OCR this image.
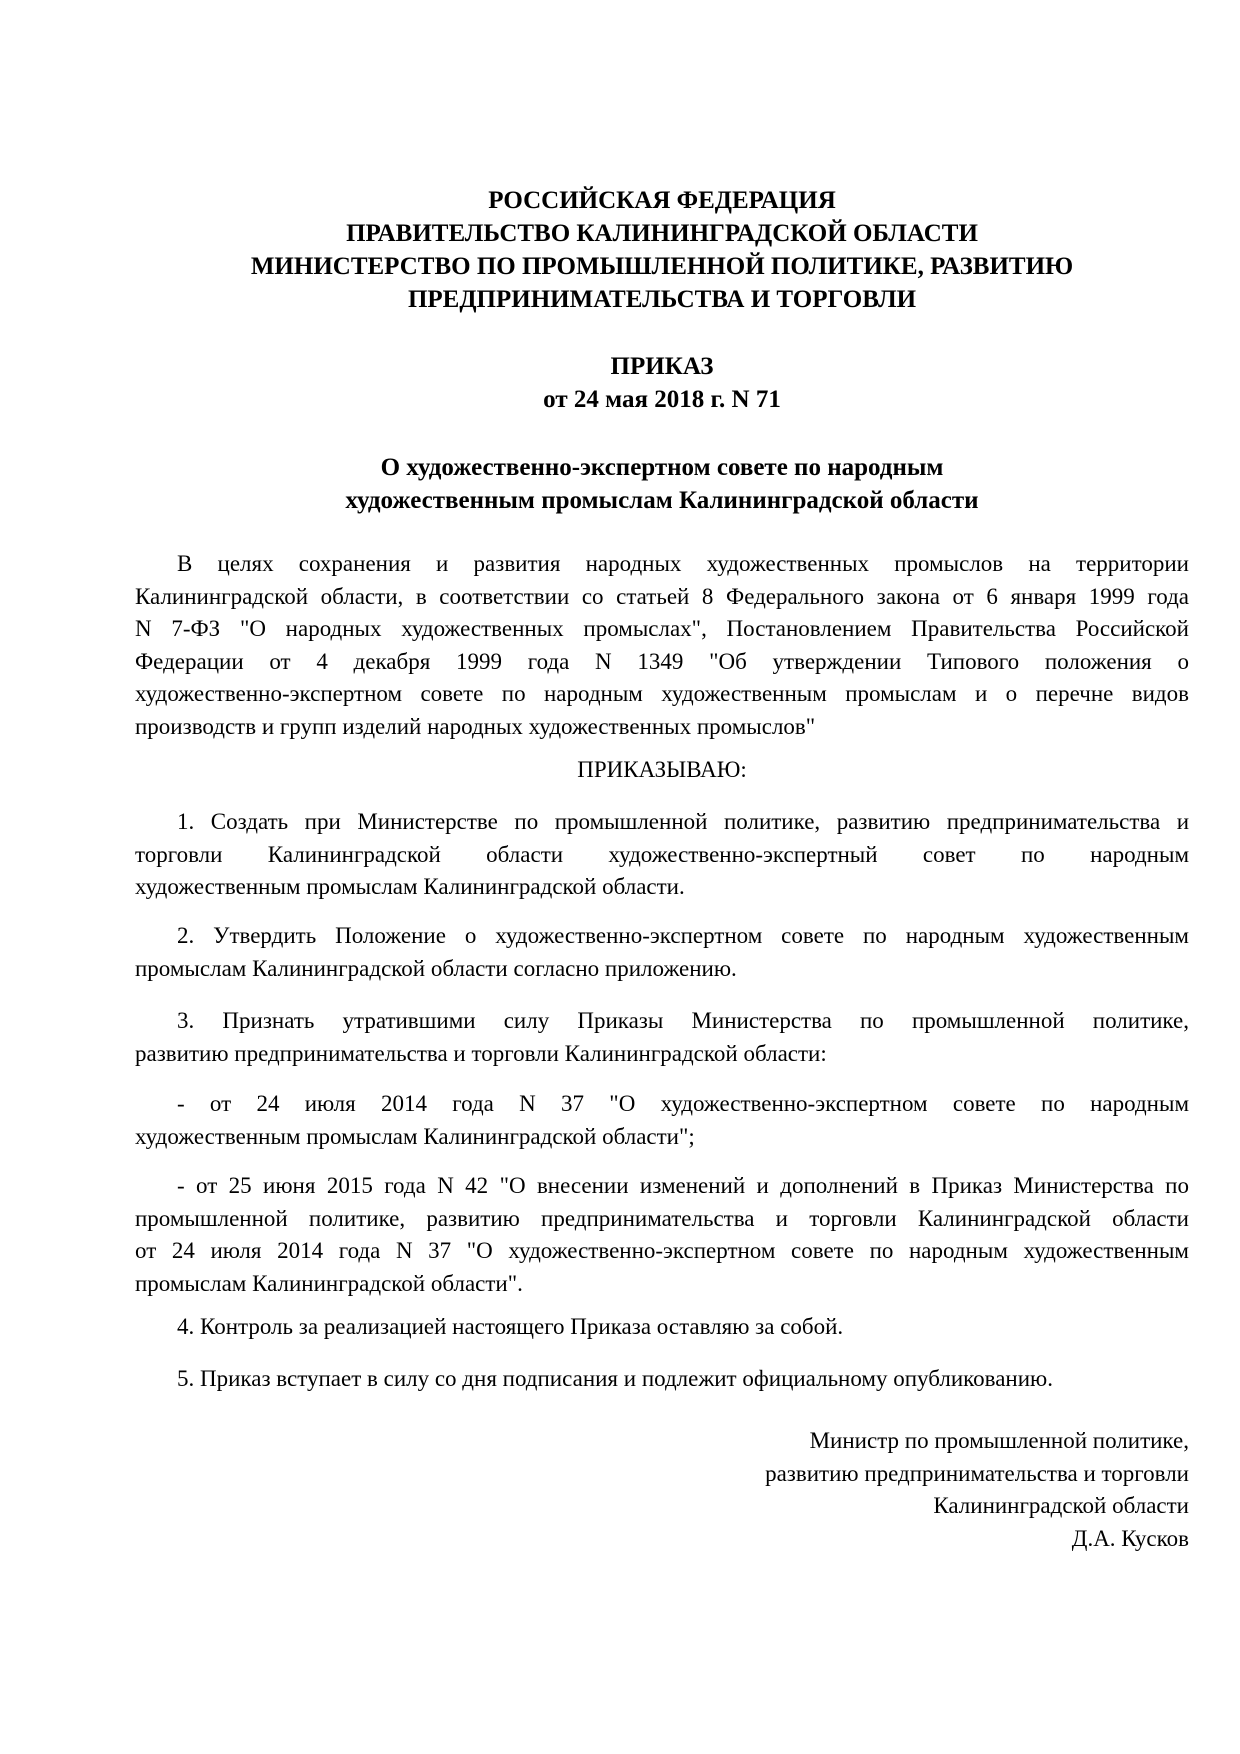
РОССИЙСКАЯ ФЕДЕРАЦИЯ
ПРАВИТЕЛЬСТВО КАЛИНИНГРАДСКОЙ ОБЛАСТИ
МИНИСТЕРСТВО ПО ПРОМЫШЛЕННОЙ ПОЛИТИКЕ, РАЗВИТИЮ
ПРЕДПРИНИМАТЕЛЬСТВА И ТОРГОВЛИ
ПРИКАЗ
от 24 мая 2018 г. N 71
О художественно-экспертном совете по народным
художественным промыслам Калининградской области
В целях сохранения и развития народных художественных промыслов на территории
Калининградской области, в соответствии со статьей 8 Федерального закона от 6 января 1999 года
N 7-ФЗ "О народных художественных промыслах", Постановлением Правительства Российской
Федерации от 4 декабря 1999 года N 1349 "Об утверждении Типового положения о
художественно-экспертном совете по народным художественным промыслам и о перечне видов
производств и групп изделий народных художественных промыслов"
ПРИКАЗЫВАЮ:
1. Создать при Министерстве по промышленной политике, развитию предпринимательства и
торговли Калининградской области художественно-экспертный совет по народным
художественным промыслам Калининградской области.
2. Утвердить Положение о художественно-экспертном совете по народным художественным
промыслам Калининградской области согласно приложению.
3. Признать утратившими силу Приказы Министерства по промышленной политике,
развитию предпринимательства и торговли Калининградской области:
- от 24 июля 2014 года N 37 "О художественно-экспертном совете по народным
художественным промыслам Калининградской области";
- от 25 июня 2015 года N 42 "О внесении изменений и дополнений в Приказ Министерства по
промышленной политике, развитию предпринимательства и торговли Калининградской области
от 24 июля 2014 года N 37 "О художественно-экспертном совете по народным художественным
промыслам Калининградской области".
4. Контроль за реализацией настоящего Приказа оставляю за собой.
5. Приказ вступает в силу со дня подписания и подлежит официальному опубликованию.
Министр по промышленной политике,
развитию предпринимательства и торговли
Калининградской области
Д.А. Кусков
